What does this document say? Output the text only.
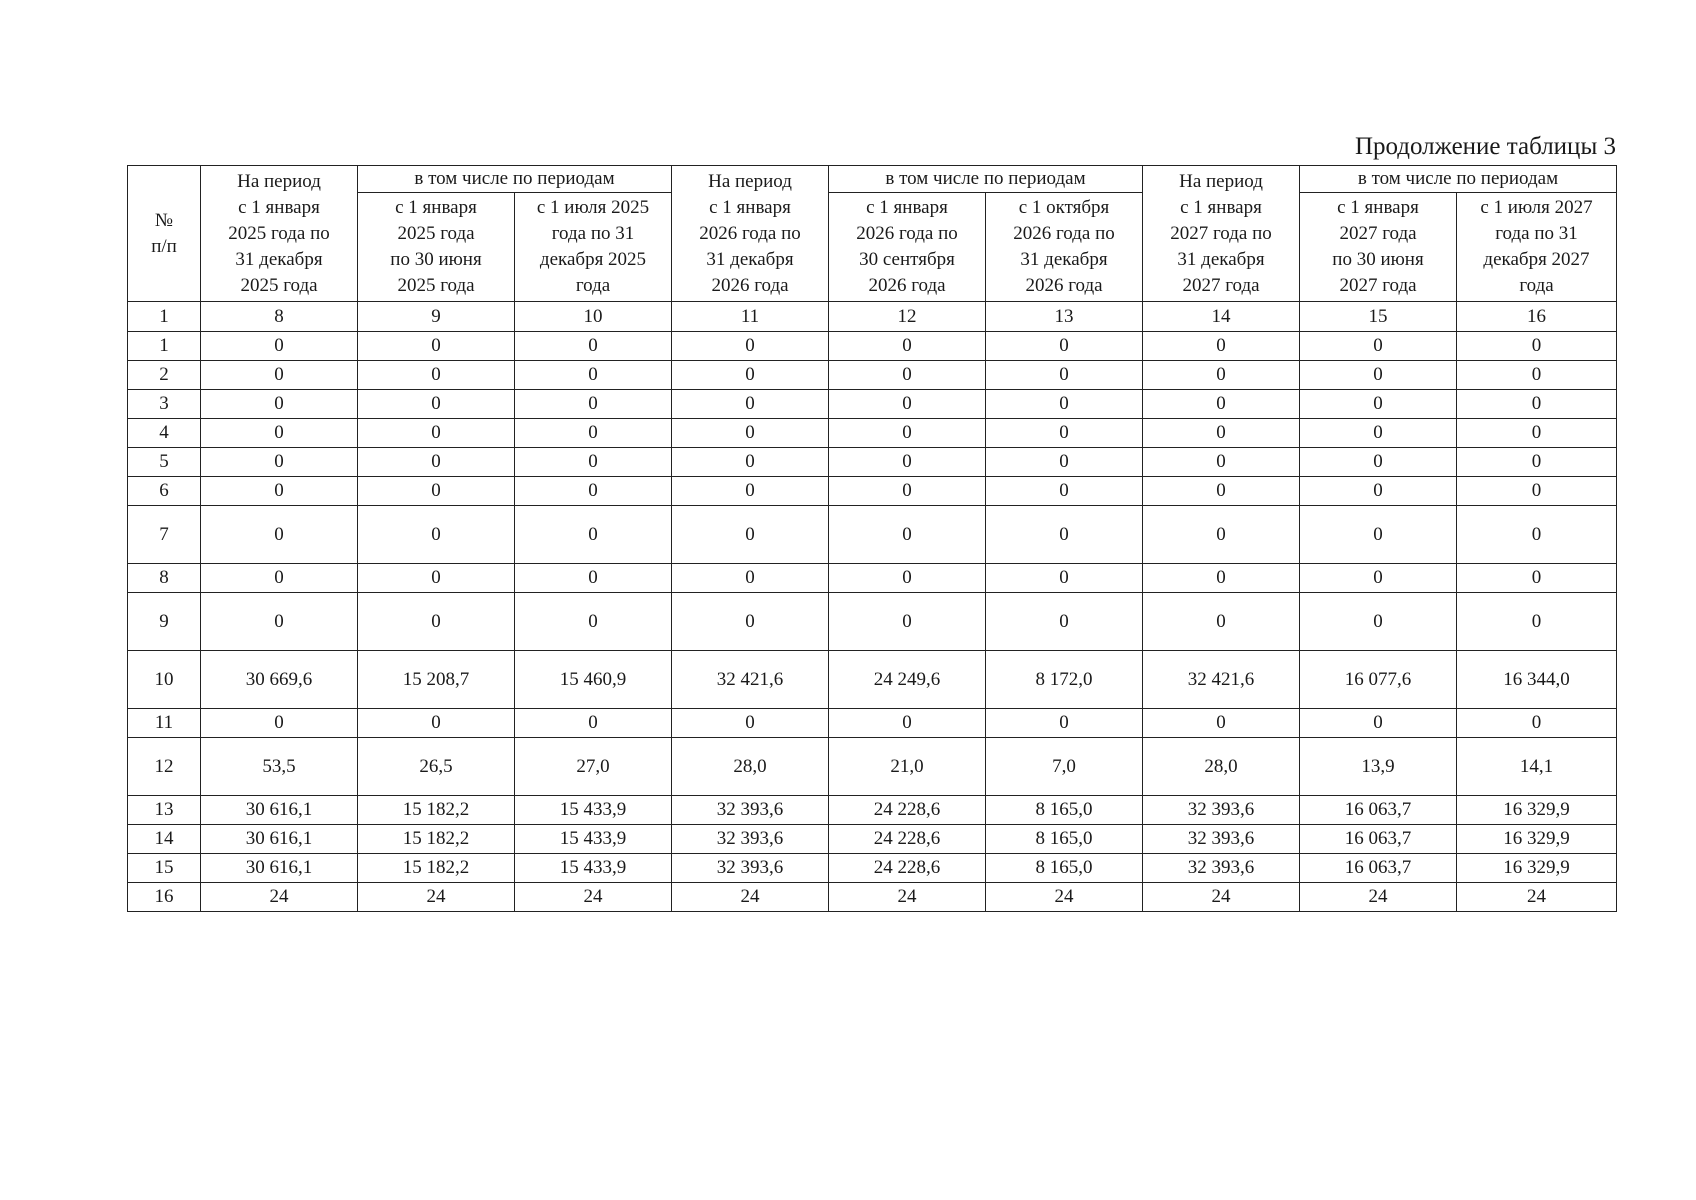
Продолжение таблицы 3
№
п/п	На период
с 1 января
2025 года по
31 декабря
2025 года	в том числе по периодам		На период
с 1 января
2026 года по
31 декабря
2026 года	в том числе по периодам		На период
с 1 января
2027 года по
31 декабря
2027 года	в том числе по периодам	

		с 1 января
2025 года
по 30 июня
2025 года	с 1 июля 2025
года по 31
декабря 2025
года		с 1 января
2026 года по
30 сентября
2026 года	с 1 октября
2026 года по
31 декабря
2026 года		с 1 января
2027 года
по 30 июня
2027 года	с 1 июля 2027
года по 31
декабря 2027
года

1	8	9	10	11	12	13	14	15	16
1	0	0	0	0	0	0	0	0	0
2	0	0	0	0	0	0	0	0	0
3	0	0	0	0	0	0	0	0	0
4	0	0	0	0	0	0	0	0	0
5	0	0	0	0	0	0	0	0	0
6	0	0	0	0	0	0	0	0	0
7	0	0	0	0	0	0	0	0	0
8	0	0	0	0	0	0	0	0	0
9	0	0	0	0	0	0	0	0	0
10	30 669,6	15 208,7	15 460,9	32 421,6	24 249,6	8 172,0	32 421,6	16 077,6	16 344,0
11	0	0	0	0	0	0	0	0	0
12	53,5	26,5	27,0	28,0	21,0	7,0	28,0	13,9	14,1
13	30 616,1	15 182,2	15 433,9	32 393,6	24 228,6	8 165,0	32 393,6	16 063,7	16 329,9
14	30 616,1	15 182,2	15 433,9	32 393,6	24 228,6	8 165,0	32 393,6	16 063,7	16 329,9
15	30 616,1	15 182,2	15 433,9	32 393,6	24 228,6	8 165,0	32 393,6	16 063,7	16 329,9
16	24	24	24	24	24	24	24	24	24
